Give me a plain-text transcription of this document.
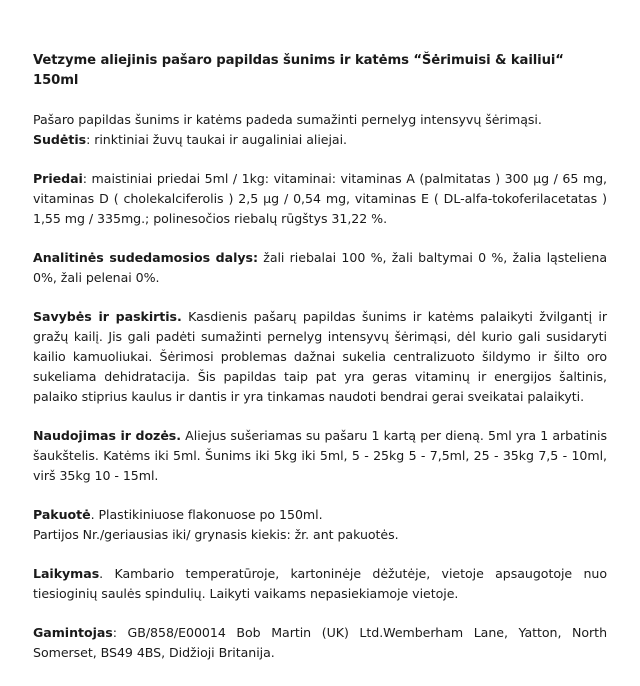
Vetzyme aliejinis pašaro papildas šunims ir katėms “Šėrimuisi & kailiui“ 150ml
Pašaro papildas šunims ir katėms padeda sumažinti pernelyg intensyvų šėrimąsi.
Sudėtis: rinktiniai žuvų taukai ir augaliniai aliejai.
Priedai: maistiniai priedai 5ml / 1kg: vitaminai: vitaminas A (palmitatas ) 300 µg / 65 mg, vitaminas D ( cholekalciferolis ) 2,5 µg / 0,54 mg, vitaminas E ( DL-alfa-tokoferilacetatas ) 1,55 mg / 335mg.; polinesočios riebalų rūgštys 31,22 %.
Analitinės sudedamosios dalys: žali riebalai 100 %, žali baltymai 0 %, žalia ląsteliena 0%, žali pelenai 0%.
Savybės ir paskirtis. Kasdienis pašarų papildas šunims ir katėms palaikyti žvilgantį ir gražų kailį. Jis gali padėti sumažinti pernelyg intensyvų šėrimąsi, dėl kurio gali susidaryti kailio kamuoliukai. Šėrimosi problemas dažnai sukelia centralizuoto šildymo ir šilto oro sukeliama dehidratacija. Šis papildas taip pat yra geras vitaminų ir energijos šaltinis, palaiko stiprius kaulus ir dantis ir yra tinkamas naudoti bendrai gerai sveikatai palaikyti.
Naudojimas ir dozės. Aliejus sušeriamas su pašaru 1 kartą per dieną. 5ml yra 1 arbatinis šaukštelis. Katėms iki 5ml. Šunims iki 5kg iki 5ml, 5 - 25kg 5 - 7,5ml, 25 - 35kg 7,5 - 10ml, virš 35kg 10 - 15ml.
Pakuotė. Plastikiniuose flakonuose po 150ml.
Partijos Nr./geriausias iki/ grynasis kiekis: žr. ant pakuotės.
Laikymas. Kambario temperatūroje, kartoninėje dėžutėje, vietoje apsaugotoje nuo tiesioginių saulės spindulių. Laikyti vaikams nepasiekiamoje vietoje.
Gamintojas: GB/858/E00014 Bob Martin (UK) Ltd.Wemberham Lane, Yatton, North Somerset, BS49 4BS, Didžioji Britanija.
